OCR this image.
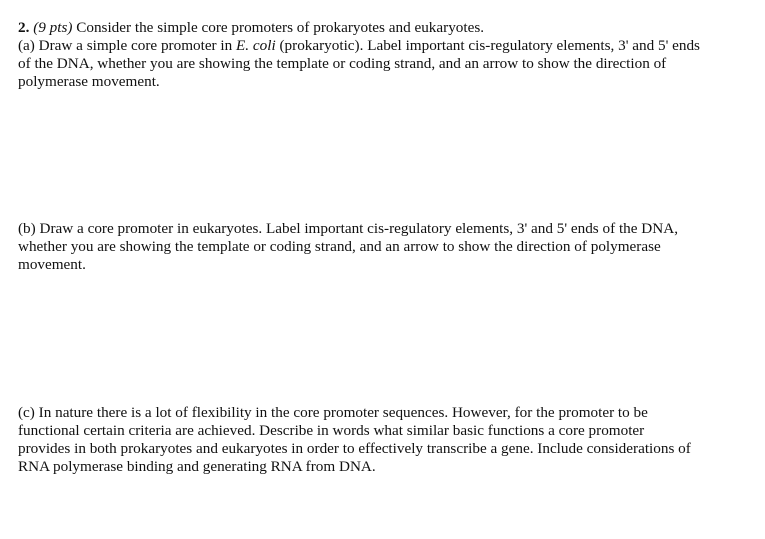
2. (9 pts) Consider the simple core promoters of prokaryotes and eukaryotes.
(a) Draw a simple core promoter in E. coli (prokaryotic). Label important cis-regulatory elements, 3' and 5' ends
of the DNA, whether you are showing the template or coding strand, and an arrow to show the direction of
polymerase movement.
(b) Draw a core promoter in eukaryotes. Label important cis-regulatory elements, 3' and 5' ends of the DNA,
whether you are showing the template or coding strand, and an arrow to show the direction of polymerase
movement.
(c) In nature there is a lot of flexibility in the core promoter sequences. However, for the promoter to be
functional certain criteria are achieved. Describe in words what similar basic functions a core promoter
provides in both prokaryotes and eukaryotes in order to effectively transcribe a gene. Include considerations of
RNA polymerase binding and generating RNA from DNA.
